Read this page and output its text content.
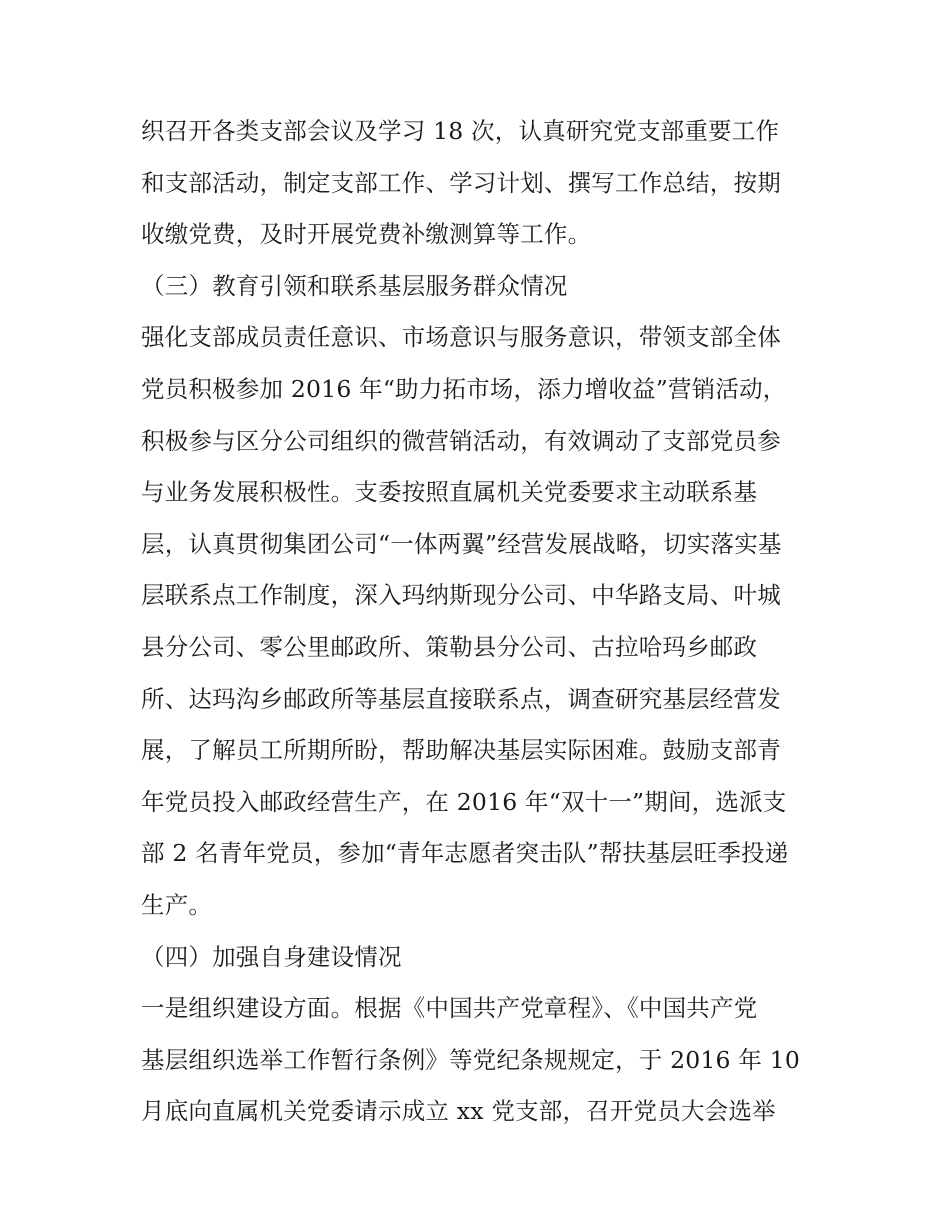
织召开各类支部会议及学习 18 次，认真研究党支部重要工作
和支部活动，制定支部工作、学习计划、撰写工作总结，按期
收缴党费，及时开展党费补缴测算等工作。
（三）教育引领和联系基层服务群众情况
强化支部成员责任意识、市场意识与服务意识，带领支部全体
党员积极参加 2016 年“助力拓市场，添力增收益”营销活动，
积极参与区分公司组织的微营销活动，有效调动了支部党员参
与业务发展积极性。支委按照直属机关党委要求主动联系基
层，认真贯彻集团公司“一体两翼”经营发展战略，切实落实基
层联系点工作制度，深入玛纳斯现分公司、中华路支局、叶城
县分公司、零公里邮政所、策勒县分公司、古拉哈玛乡邮政
所、达玛沟乡邮政所等基层直接联系点，调查研究基层经营发
展，了解员工所期所盼，帮助解决基层实际困难。鼓励支部青
年党员投入邮政经营生产，在 2016 年“双十一”期间，选派支
部 2 名青年党员，参加“青年志愿者突击队”帮扶基层旺季投递
生产。
（四）加强自身建设情况
一是组织建设方面。根据《中国共产党章程》、《中国共产党
基层组织选举工作暂行条例》等党纪条规规定，于 2016 年 10
月底向直属机关党委请示成立 xx 党支部，召开党员大会选举
